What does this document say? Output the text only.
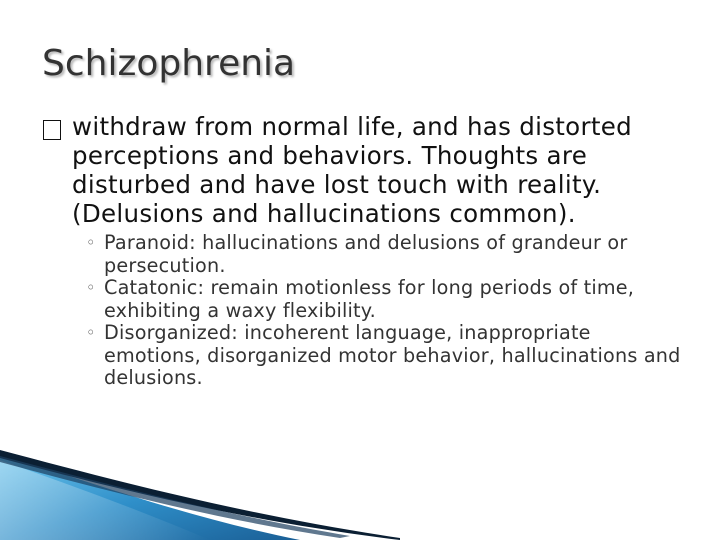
Schizophrenia
withdraw from normal life, and has distorted perceptions and behaviors. Thoughts are disturbed and have lost touch with reality. (Delusions and hallucinations common).
◦ Paranoid: hallucinations and delusions of grandeur or persecution.
◦ Catatonic: remain motionless for long periods of time, exhibiting a waxy flexibility.
◦ Disorganized: incoherent language, inappropriate emotions, disorganized motor behavior, hallucinations and delusions.
